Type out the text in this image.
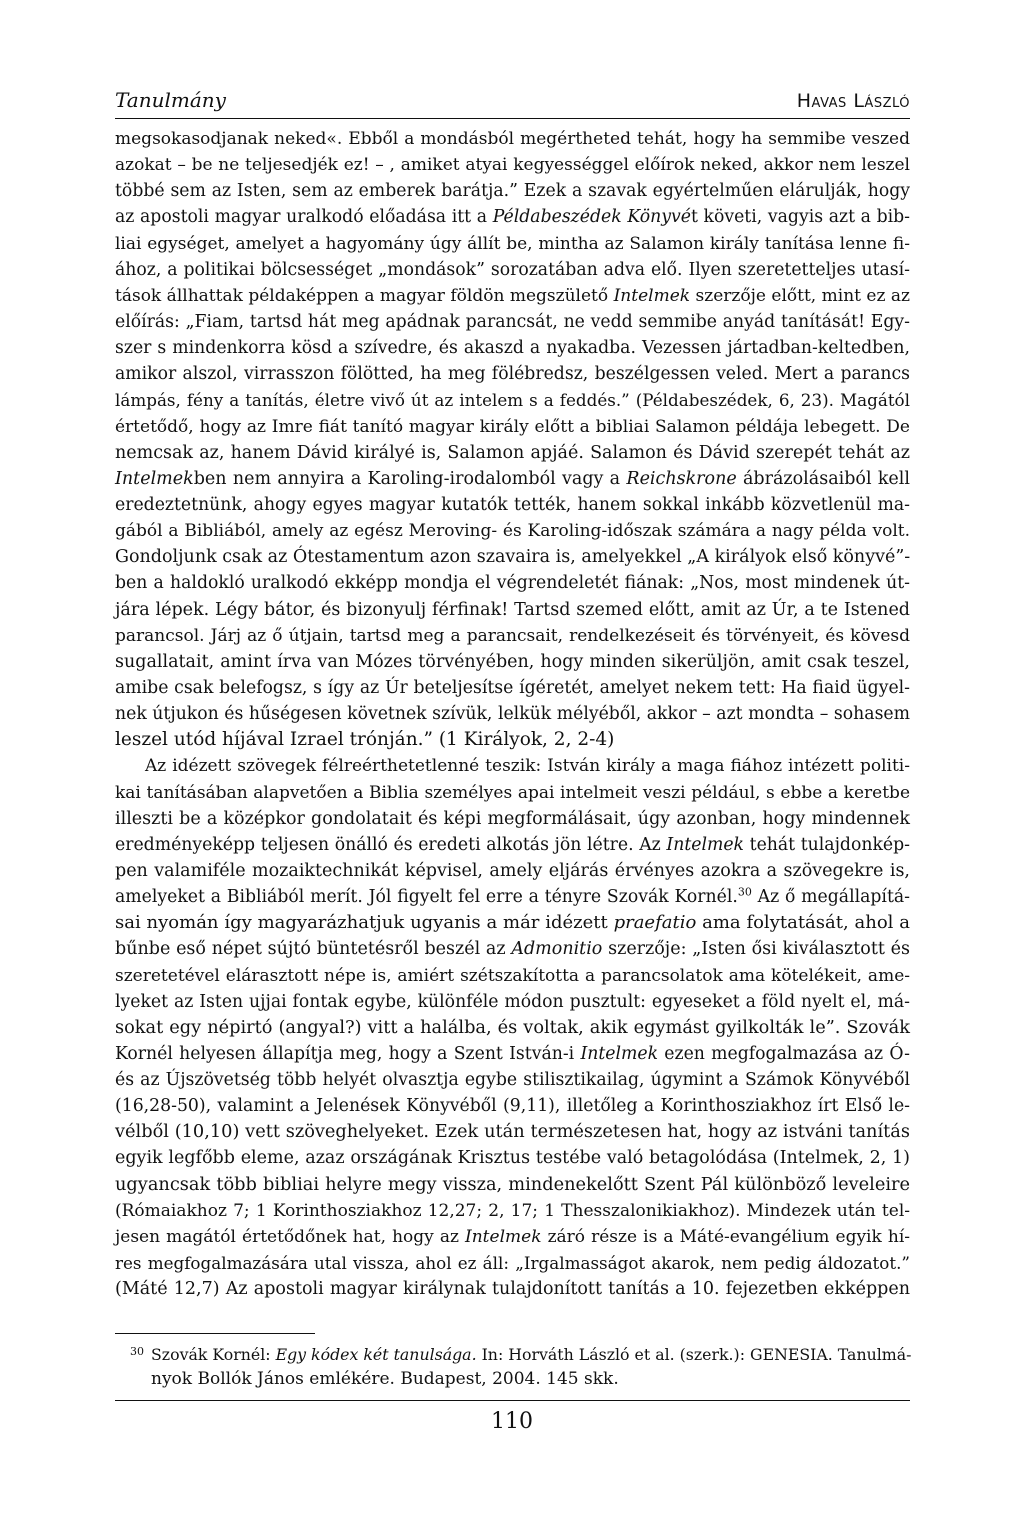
Tanulmány	Havas László
megsokasodjanak neked«. Ebből a mondásból megértheted tehát, hogy ha semmibe veszed
azokat – be ne teljesedjék ez! – , amiket atyai kegyességgel előírok neked, akkor nem leszel
többé sem az Isten, sem az emberek barátja.” Ezek a szavak egyértelműen elárulják, hogy
az apostoli magyar uralkodó előadása itt a Példabeszédek Könyvét követi, vagyis azt a bib-
liai egységet, amelyet a hagyomány úgy állít be, mintha az Salamon király tanítása lenne fi-
ához, a politikai bölcsességet „mondások” sorozatában adva elő. Ilyen szeretetteljes utasí-
tások állhattak példaképpen a magyar földön megszülető Intelmek szerzője előtt, mint ez az
előírás: „Fiam, tartsd hát meg apádnak parancsát, ne vedd semmibe anyád tanítását! Egy-
szer s mindenkorra kösd a szívedre, és akaszd a nyakadba. Vezessen jártadban-keltedben,
amikor alszol, virrasszon fölötted, ha meg fölébredsz, beszélgessen veled. Mert a parancs
lámpás, fény a tanítás, életre vivő út az intelem s a feddés.” (Példabeszédek, 6, 23). Magától
értetődő, hogy az Imre fiát tanító magyar király előtt a bibliai Salamon példája lebegett. De
nemcsak az, hanem Dávid királyé is, Salamon apjáé. Salamon és Dávid szerepét tehát az
Intelmekben nem annyira a Karoling-irodalomból vagy a Reichskrone ábrázolásaiból kell
eredeztetnünk, ahogy egyes magyar kutatók tették, hanem sokkal inkább közvetlenül ma-
gából a Bibliából, amely az egész Meroving- és Karoling-időszak számára a nagy példa volt.
Gondoljunk csak az Ótestamentum azon szavaira is, amelyekkel „A királyok első könyvé”-
ben a haldokló uralkodó ekképp mondja el végrendeletét fiának: „Nos, most mindenek út-
jára lépek. Légy bátor, és bizonyulj férfinak! Tartsd szemed előtt, amit az Úr, a te Istened
parancsol. Járj az ő útjain, tartsd meg a parancsait, rendelkezéseit és törvényeit, és kövesd
sugallatait, amint írva van Mózes törvényében, hogy minden sikerüljön, amit csak teszel,
amibe csak belefogsz, s így az Úr beteljesítse ígéretét, amelyet nekem tett: Ha fiaid ügyel-
nek útjukon és hűségesen követnek szívük, lelkük mélyéből, akkor – azt mondta – sohasem
leszel utód híjával Izrael trónján.” (1 Királyok, 2, 2-4)
Az idézett szövegek félreérthetetlenné teszik: István király a maga fiához intézett politi-
kai tanításában alapvetően a Biblia személyes apai intelmeit veszi például, s ebbe a keretbe
illeszti be a középkor gondolatait és képi megformálásait, úgy azonban, hogy mindennek
eredményeképp teljesen önálló és eredeti alkotás jön létre. Az Intelmek tehát tulajdonkép-
pen valamiféle mozaiktechnikát képvisel, amely eljárás érvényes azokra a szövegekre is,
amelyeket a Bibliából merít. Jól figyelt fel erre a tényre Szovák Kornél.$^{30}$ Az ő megállapítá-
sai nyomán így magyarázhatjuk ugyanis a már idézett praefatio ama folytatását, ahol a
bűnbe eső népet sújtó büntetésről beszél az Admonitio szerzője: „Isten ősi kiválasztott és
szeretetével elárasztott népe is, amiért szétszakította a parancsolatok ama kötelékeit, ame-
lyeket az Isten ujjai fontak egybe, különféle módon pusztult: egyeseket a föld nyelt el, má-
sokat egy népirtó (angyal?) vitt a halálba, és voltak, akik egymást gyilkolták le”. Szovák
Kornél helyesen állapítja meg, hogy a Szent István-i Intelmek ezen megfogalmazása az Ó-
és az Újszövetség több helyét olvasztja egybe stilisztikailag, úgymint a Számok Könyvéből
(16,28-50), valamint a Jelenések Könyvéből (9,11), illetőleg a Korinthosziakhoz írt Első le-
vélből (10,10) vett szöveghelyeket. Ezek után természetesen hat, hogy az istváni tanítás
egyik legfőbb eleme, azaz országának Krisztus testébe való betagolódása (Intelmek, 2, 1)
ugyancsak több bibliai helyre megy vissza, mindenekelőtt Szent Pál különböző leveleire
(Rómaiakhoz 7; 1 Korinthosziakhoz 12,27; 2, 17; 1 Thesszalonikiakhoz). Mindezek után tel-
jesen magától értetődőnek hat, hogy az Intelmek záró része is a Máté-evangélium egyik hí-
res megfogalmazására utal vissza, ahol ez áll: „Irgalmasságot akarok, nem pedig áldozatot.”
(Máté 12,7) Az apostoli magyar királynak tulajdonított tanítás a 10. fejezetben ekképpen
30 Szovák Kornél: Egy kódex két tanulsága. In: Horváth László et al. (szerk.): GENESIA. Tanulmá-
nyok Bollók János emlékére. Budapest, 2004. 145 skk.
110
